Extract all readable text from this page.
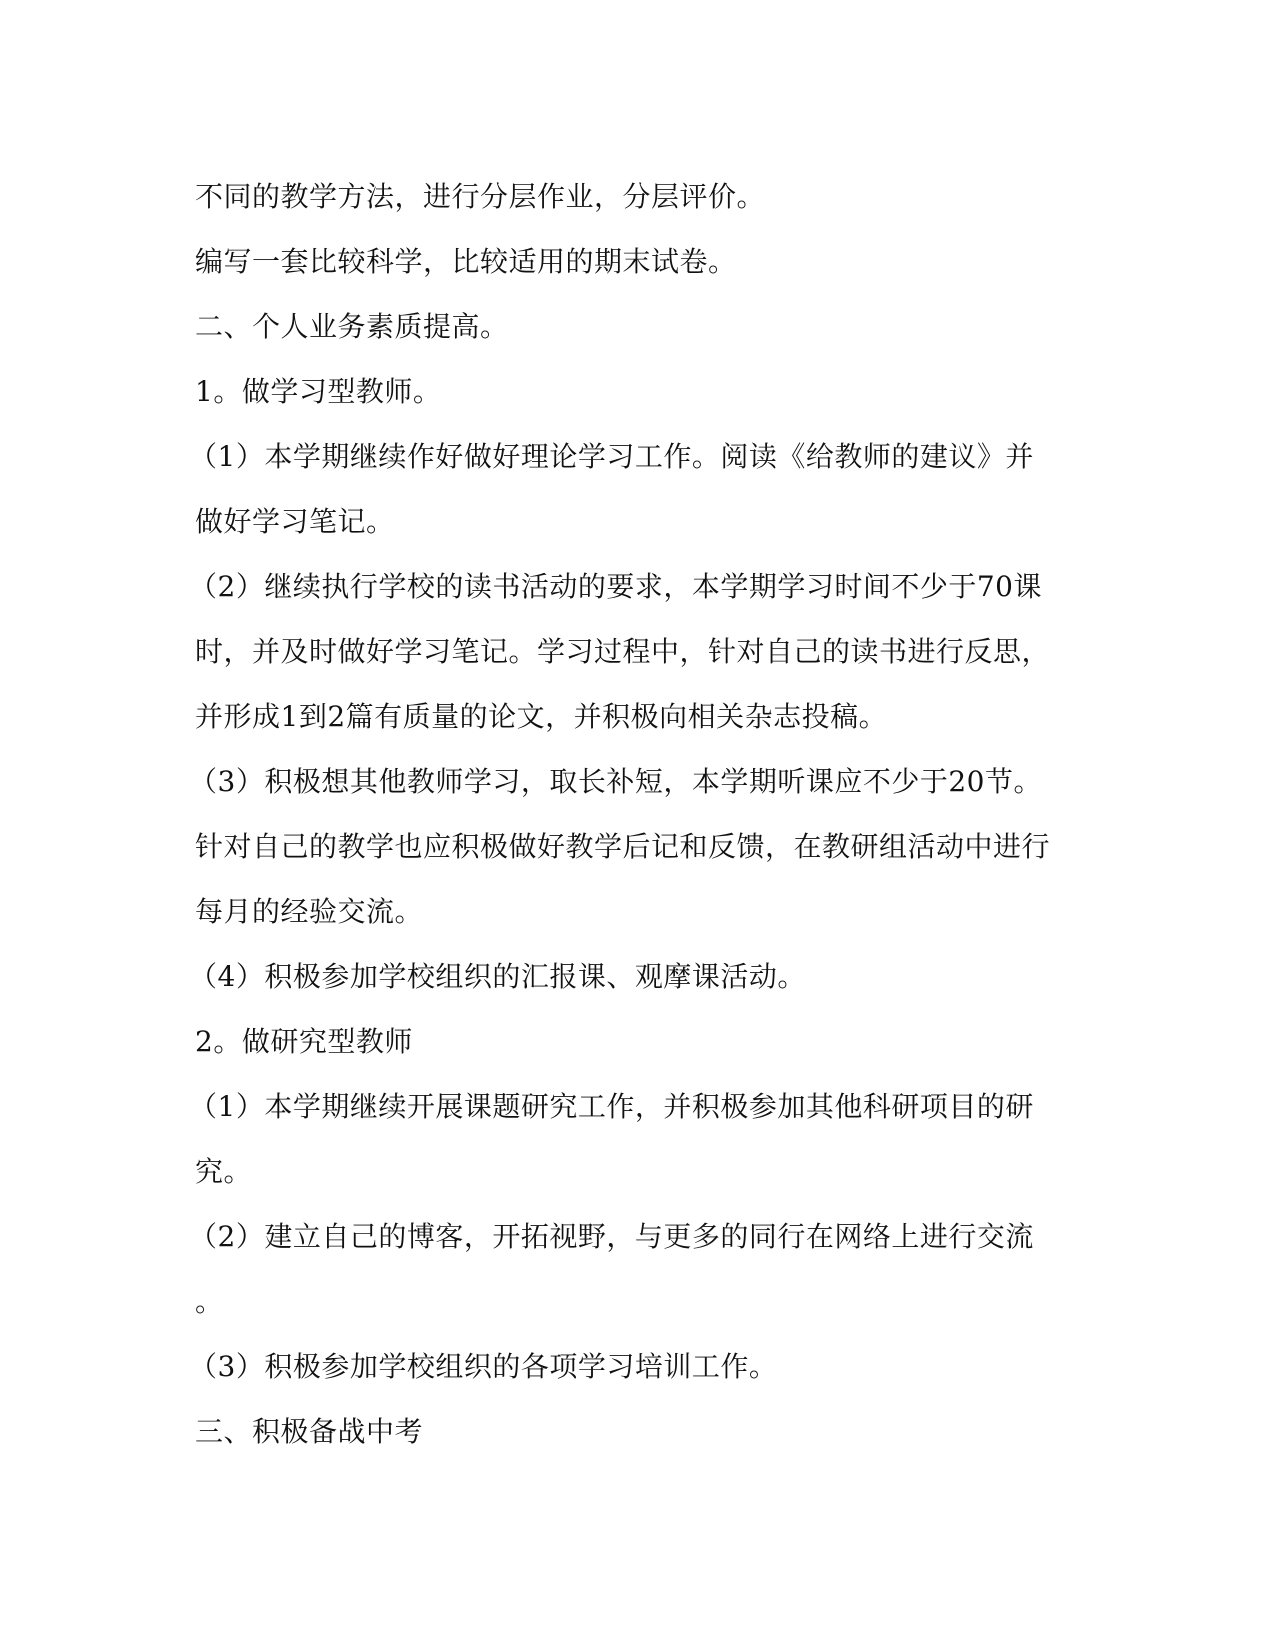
不同的教学方法，进行分层作业，分层评价。
编写一套比较科学，比较适用的期末试卷。
二、个人业务素质提高。
1。做学习型教师。
（1）本学期继续作好做好理论学习工作。阅读《给教师的建议》并
做好学习笔记。
（2）继续执行学校的读书活动的要求，本学期学习时间不少于70课
时，并及时做好学习笔记。学习过程中，针对自己的读书进行反思，
并形成1到2篇有质量的论文，并积极向相关杂志投稿。
（3）积极想其他教师学习，取长补短，本学期听课应不少于20节。
针对自己的教学也应积极做好教学后记和反馈，在教研组活动中进行
每月的经验交流。
（4）积极参加学校组织的汇报课、观摩课活动。
2。做研究型教师
（1）本学期继续开展课题研究工作，并积极参加其他科研项目的研
究。
（2）建立自己的博客，开拓视野，与更多的同行在网络上进行交流
。
（3）积极参加学校组织的各项学习培训工作。
三、积极备战中考
